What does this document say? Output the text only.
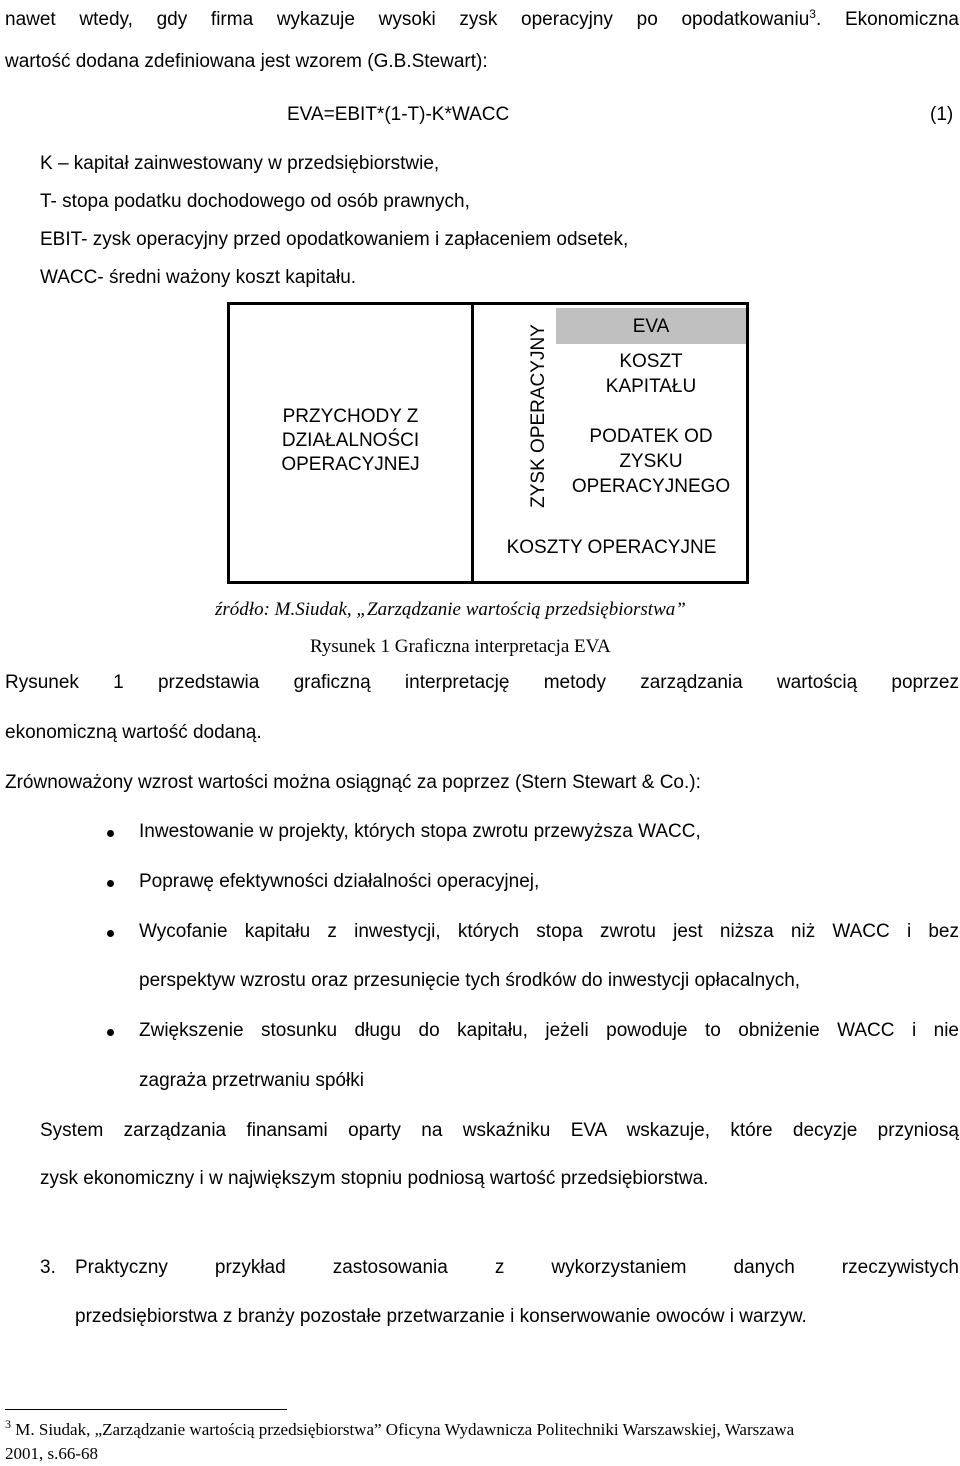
nawet wtedy, gdy firma wykazuje wysoki zysk operacyjny po opodatkowaniu$^3$. Ekonomiczna
wartość dodana zdefiniowana jest wzorem (G.B.Stewart):
EVA=EBIT*(1-T)-K*WACC	(1)
K – kapitał zainwestowany w przedsiębiorstwie,
T- stopa podatku dochodowego od osób prawnych,
EBIT- zysk operacyjny przed opodatkowaniem i zapłaceniem odsetek,
WACC- średni ważony koszt kapitału.
PRZYCHODY Z
DZIAŁALNOŚCI
OPERACYJNEJ	ZYSK OPERACYJNY	EVA
KOSZT
KAPITAŁU
PODATEK OD
ZYSKU
OPERACYJNEGO
KOSZTY OPERACYJNE
źródło: M.Siudak, „Zarządzanie wartością przedsiębiorstwa”
Rysunek 1 Graficzna interpretacja EVA
Rysunek 1 przedstawia graficzną interpretację metody zarządzania wartością poprzez
ekonomiczną wartość dodaną.
Zrównoważony wzrost wartości można osiągnąć za poprzez (Stern Stewart & Co.):
Inwestowanie w projekty, których stopa zwrotu przewyższa WACC,
Poprawę efektywności działalności operacyjnej,
Wycofanie kapitału z inwestycji, których stopa zwrotu jest niższa niż WACC i bez
perspektyw wzrostu oraz przesunięcie tych środków do inwestycji opłacalnych,
Zwiększenie stosunku długu do kapitału, jeżeli powoduje to obniżenie WACC i nie
zagraża przetrwaniu spółki
System zarządzania finansami oparty na wskaźniku EVA wskazuje, które decyzje przyniosą
zysk ekonomiczny i w największym stopniu podniosą wartość przedsiębiorstwa.
3. Praktyczny przykład zastosowania z wykorzystaniem danych rzeczywistych
przedsiębiorstwa z branży pozostałe przetwarzanie i konserwowanie owoców i warzyw.
$^3$ M. Siudak, „Zarządzanie wartością przedsiębiorstwa” Oficyna Wydawnicza Politechniki Warszawskiej, Warszawa
2001, s.66-68
